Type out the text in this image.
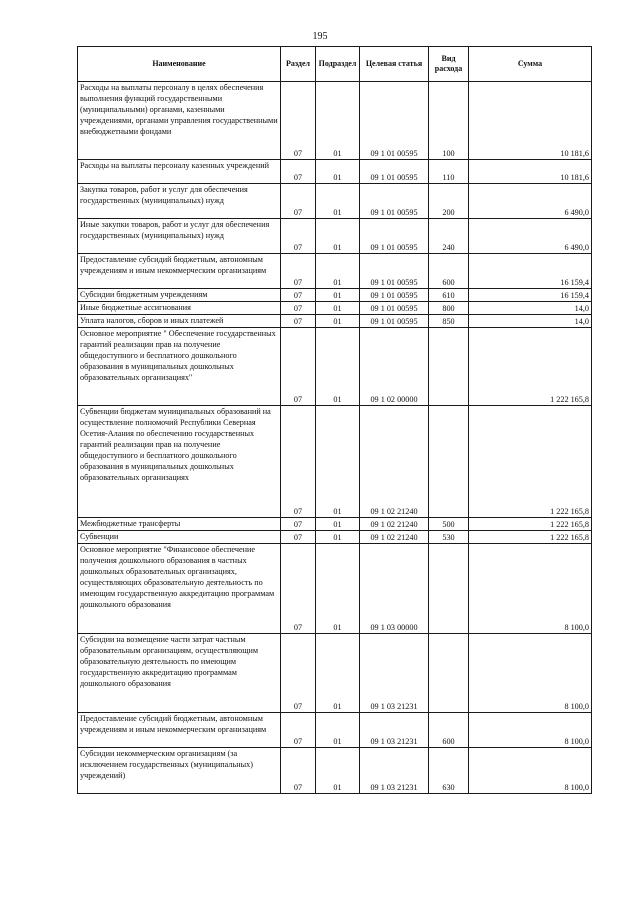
195
Наименование	Раздел	Подраздел	Целевая статья	Вид расхода	Сумма
Расходы на выплаты персоналу в целях обеспечения выполнения функций государственными (муниципальными) органами, казенными учреждениями, органами управления государственными внебюджетными фондами	07	01	09 1 01 00595	100	10 181,6
Расходы на выплаты персоналу казенных учреждений	07	01	09 1 01 00595	110	10 181,6
Закупка товаров, работ и услуг для обеспечения государственных (муниципальных) нужд	07	01	09 1 01 00595	200	6 490,0
Иные закупки товаров, работ и услуг для обеспечения государственных (муниципальных) нужд	07	01	09 1 01 00595	240	6 490,0
Предоставление субсидий бюджетным, автономным учреждениям и иным некоммерческим организациям	07	01	09 1 01 00595	600	16 159,4
Субсидии бюджетным учреждениям	07	01	09 1 01 00595	610	16 159,4
Иные бюджетные ассигнования	07	01	09 1 01 00595	800	14,0
Уплата налогов, сборов и иных платежей	07	01	09 1 01 00595	850	14,0
Основное мероприятие " Обеспечение государственных гарантий реализации прав на получение общедоступного и бесплатного дошкольного образования в муниципальных дошкольных образовательных организациях"	07	01	09 1 02 00000		1 222 165,8
Субвенции бюджетам муниципальных образований на осуществление полномочий Республики Северная Осетия-Алания по обеспечению государственных гарантий реализации прав на получение общедоступного и бесплатного дошкольного образования в муниципальных дошкольных образовательных организациях	07	01	09 1 02 21240		1 222 165,8
Межбюджетные трансферты	07	01	09 1 02 21240	500	1 222 165,8
Субвенции	07	01	09 1 02 21240	530	1 222 165,8
Основное мероприятие "Финансовое обеспечение получения дошкольного образования в частных дошкольных образовательных организациях, осуществляющих образовательную деятельность по имеющим государственную аккредитацию программам дошкольного образования	07	01	09 1 03 00000		8 100,0
Субсидии на возмещение части затрат частным образовательным организациям, осуществляющим образовательную деятельность по имеющим государственную аккредитацию программам дошкольного образования	07	01	09 1 03 21231		8 100,0
Предоставление субсидий бюджетным, автономным учреждениям и иным некоммерческим организациям	07	01	09 1 03 21231	600	8 100,0
Субсидии некоммерческим организациям (за исключением государственных (муниципальных) учреждений)	07	01	09 1 03 21231	630	8 100,0
